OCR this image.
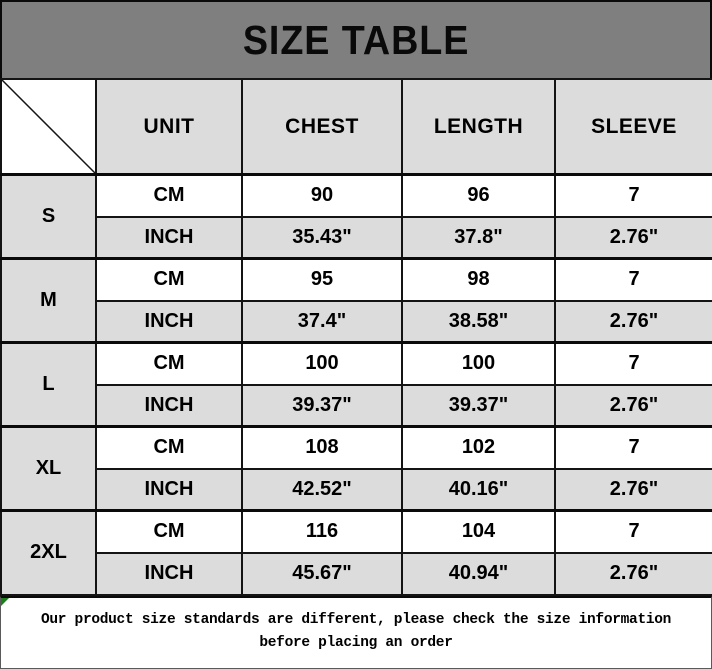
SIZE TABLE
	UNIT	CHEST	LENGTH	SLEEVE
S	CM	90	96	7
	INCH	35.43"	37.8"	2.76"
M	CM	95	98	7
	INCH	37.4"	38.58"	2.76"
L	CM	100	100	7
	INCH	39.37"	39.37"	2.76"
XL	CM	108	102	7
	INCH	42.52"	40.16"	2.76"
2XL	CM	116	104	7
	INCH	45.67"	40.94"	2.76"
Our product size standards are different, please check the size information
before placing an order
